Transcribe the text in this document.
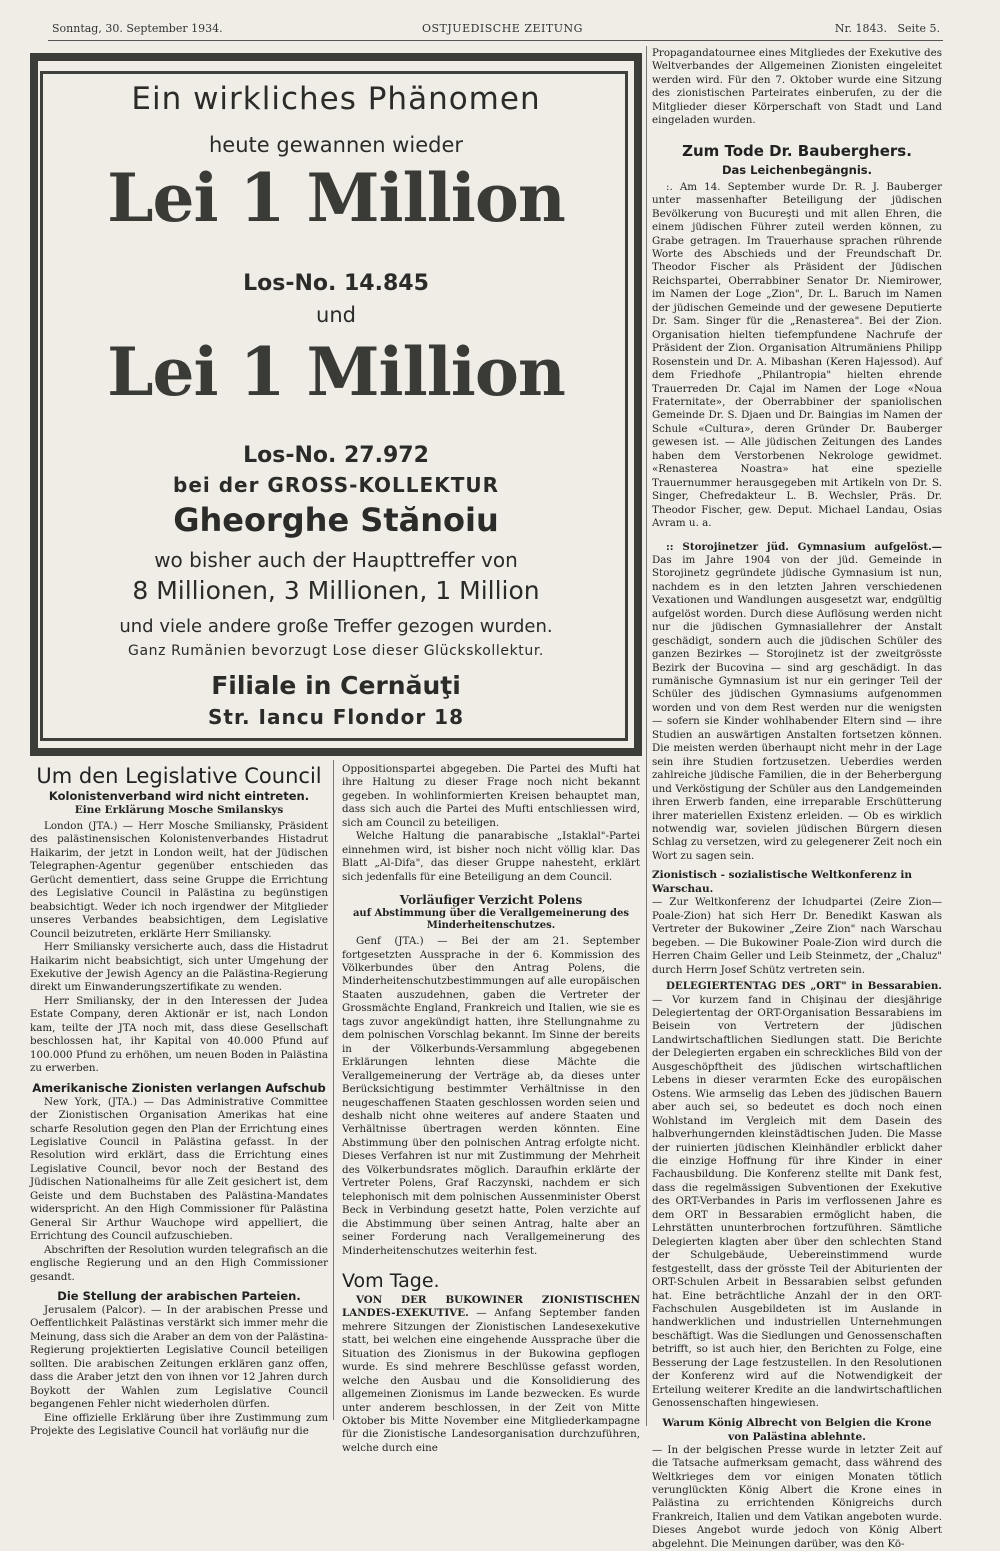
Sonntag, 30. September 1934.	OSTJUEDISCHE ZEITUNG	Nr. 1843. Seite 5.
Ein wirkliches Phänomen
heute gewannen wieder
Lei 1 Million
Los-No. 14.845
und
Lei 1 Million
Los-No. 27.972
bei der GROSS-KOLLEKTUR
Gheorghe Stănoiu
wo bisher auch der Haupttreffer von
8 Millionen, 3 Millionen, 1 Million
und viele andere große Treffer gezogen wurden.
Ganz Rumänien bevorzugt Lose dieser Glückskollektur.
Filiale in Cernăuţi
Str. Iancu Flondor 18
Um den Legislative Council
Kolonistenverband wird nicht eintreten.
Eine Erklärung Mosche Smilanskys

London (JTA.) — Herr Mosche Smiliansky, Präsident des palästinensischen Kolonistenverbandes Histadrut Haikarim, der jetzt in London weilt, hat der Jüdischen Telegraphen-Agentur gegenüber entschieden das Gerücht dementiert, dass seine Gruppe die Errichtung des Legislative Council in Palästina zu begünstigen beabsichtigt. Weder ich noch irgendwer der Mitglieder unseres Verbandes beabsichtigen, dem Legislative Council beizutreten, erklärte Herr Smiliansky.

Herr Smiliansky versicherte auch, dass die Histadrut Haikarim nicht beabsichtigt, sich unter Umgehung der Exekutive der Jewish Agency an die Palästina-Regierung direkt um Einwanderungszertifikate zu wenden.

Herr Smiliansky, der in den Interessen der Judea Estate Company, deren Aktionär er ist, nach London kam, teilte der JTA noch mit, dass diese Gesellschaft beschlossen hat, ihr Kapital von 40.000 Pfund auf 100.000 Pfund zu erhöhen, um neuen Boden in Palästina zu erwerben.

Amerikanische Zionisten verlangen Aufschub

New York, (JTA.) — Das Administrative Committee der Zionistischen Organisation Amerikas hat eine scharfe Resolution gegen den Plan der Errichtung eines Legislative Council in Palästina gefasst. In der Resolution wird erklärt, dass die Errichtung eines Legislative Council, bevor noch der Bestand des Jüdischen Nationalheims für alle Zeit gesichert ist, dem Geiste und dem Buchstaben des Palästina-Mandates widerspricht. An den High Commissioner für Palästina General Sir Arthur Wauchope wird appelliert, die Errichtung des Council aufzuschieben.

Abschriften der Resolution wurden telegrafisch an die englische Regierung und an den High Commissioner gesandt.

Die Stellung der arabischen Parteien.

Jerusalem (Palcor). — In der arabischen Presse und Oeffentlichkeit Palästinas verstärkt sich immer mehr die Meinung, dass sich die Araber an dem von der Palästina-Regierung projektierten Legislative Council beteiligen sollten. Die arabischen Zeitungen erklären ganz offen, dass die Araber jetzt den von ihnen vor 12 Jahren durch Boykott der Wahlen zum Legislative Council begangenen Fehler nicht wiederholen dürfen.

Eine offizielle Erklärung über ihre Zustimmung zum Projekte des Legislative Council hat vorläufig nur die

Oppositionspartei abgegeben. Die Partei des Mufti hat ihre Haltung zu dieser Frage noch nicht bekannt gegeben. In wohlinformierten Kreisen behauptet man, dass sich auch die Partei des Mufti entschliessen wird, sich am Council zu beteiligen.

Welche Haltung die panarabische „Istaklal"-Partei einnehmen wird, ist bisher noch nicht völlig klar. Das Blatt „Al-Difa", das dieser Gruppe nahesteht, erklärt sich jedenfalls für eine Beteiligung an dem Council.

Vorläufiger Verzicht Polens
auf Abstimmung über die Verallgemeinerung des Minderheitenschutzes.

Genf (JTA.) — Bei der am 21. September fortgesetzten Aussprache in der 6. Kommission des Völkerbundes über den Antrag Polens, die Minderheitenschutzbestimmungen auf alle europäischen Staaten auszudehnen, gaben die Vertreter der Grossmächte England, Frankreich und Italien, wie sie es tags zuvor angekündigt hatten, ihre Stellungnahme zu dem polnischen Vorschlag bekannt. Im Sinne der bereits in der Völkerbunds-Versammlung abgegebenen Erklärungen lehnten diese Mächte die Verallgemeinerung der Verträge ab, da dieses unter Berücksichtigung bestimmter Verhältnisse in den neugeschaffenen Staaten geschlossen worden seien und deshalb nicht ohne weiteres auf andere Staaten und Verhältnisse übertragen werden könnten. Eine Abstimmung über den polnischen Antrag erfolgte nicht. Dieses Verfahren ist nur mit Zustimmung der Mehrheit des Völkerbundsrates möglich. Daraufhin erklärte der Vertreter Polens, Graf Raczynski, nachdem er sich telephonisch mit dem polnischen Aussenminister Oberst Beck in Verbindung gesetzt hatte, Polen verzichte auf die Abstimmung über seinen Antrag, halte aber an seiner Forderung nach Verallgemeinerung des Minderheitenschutzes weiterhin fest.

Vom Tage.

VON DER BUKOWINER ZIONISTISCHEN LANDES-EXEKUTIVE. — Anfang September fanden mehrere Sitzungen der Zionistischen Landesexekutive statt, bei welchen eine eingehende Aussprache über die Situation des Zionismus in der Bukowina gepflogen wurde. Es sind mehrere Beschlüsse gefasst worden, welche den Ausbau und die Konsolidierung des allgemeinen Zionismus im Lande bezwecken. Es wurde unter anderem beschlossen, in der Zeit von Mitte Oktober bis Mitte November eine Mitgliederkampagne für die Zionistische Landesorganisation durchzuführen, welche durch eine

Propagandatournee eines Mitgliedes der Exekutive des Weltverbandes der Allgemeinen Zionisten eingeleitet werden wird. Für den 7. Oktober wurde eine Sitzung des zionistischen Parteirates einberufen, zu der die Mitglieder dieser Körperschaft von Stadt und Land eingeladen wurden.

Zum Tode Dr. Bauberghers.
Das Leichenbegängnis.

:. Am 14. September wurde Dr. R. J. Bauberger unter massenhafter Beteiligung der jüdischen Bevölkerung von Bucureşti und mit allen Ehren, die einem jüdischen Führer zuteil werden können, zu Grabe getragen. Im Trauerhause sprachen rührende Worte des Abschieds und der Freundschaft Dr. Theodor Fischer als Präsident der Jüdischen Reichspartei, Oberrabbiner Senator Dr. Niemirower, im Namen der Loge „Zion", Dr. L. Baruch im Namen der jüdischen Gemeinde und der gewesene Deputierte Dr. Sam. Singer für die „Renasterea". Bei der Zion. Organisation hielten tiefempfundene Nachrufe der Präsident der Zion. Organisation Altrumäniens Philipp Rosenstein und Dr. A. Mibashan (Keren Hajessod). Auf dem Friedhofe „Philantropia" hielten ehrende Trauerreden Dr. Cajal im Namen der Loge «Noua Fraternitate», der Oberrabbiner der spaniolischen Gemeinde Dr. S. Djaen und Dr. Baingias im Namen der Schule «Cultura», deren Gründer Dr. Bauberger gewesen ist. — Alle jüdischen Zeitungen des Landes haben dem Verstorbenen Nekrologe gewidmet. «Renasterea Noastra» hat eine spezielle Trauernummer herausgegeben mit Artikeln von Dr. S. Singer, Chefredakteur L. B. Wechsler, Präs. Dr. Theodor Fischer, gew. Deput. Michael Landau, Osias Avram u. a.

:: Storojinetzer jüd. Gymnasium aufgelöst.— Das im Jahre 1904 von der jüd. Gemeinde in Storojinetz gegründete jüdische Gymnasium ist nun, nachdem es in den letzten Jahren verschiedenen Vexationen und Wandlungen ausgesetzt war, endgültig aufgelöst worden. Durch diese Auflösung werden nicht nur die jüdischen Gymnasiallehrer der Anstalt geschädigt, sondern auch die jüdischen Schüler des ganzen Bezirkes — Storojinetz ist der zweitgrösste Bezirk der Bucovina — sind arg geschädigt. In das rumänische Gymnasium ist nur ein geringer Teil der Schüler des jüdischen Gymnasiums aufgenommen worden und von dem Rest werden nur die wenigsten — sofern sie Kinder wohlhabender Eltern sind — ihre Studien an auswärtigen Anstalten fortsetzen können. Die meisten werden überhaupt nicht mehr in der Lage sein ihre Studien fortzusetzen. Ueberdies werden zahlreiche jüdische Familien, die in der Beherbergung und Verköstigung der Schüler aus den Landgemeinden ihren Erwerb fanden, eine irreparable Erschütterung ihrer materiellen Existenz erleiden. — Ob es wirklich notwendig war, sovielen jüdischen Bürgern diesen Schlag zu versetzen, wird zu gelegenerer Zeit noch ein Wort zu sagen sein.

Zionistisch - sozialistische Weltkonferenz in Warschau.

— Zur Weltkonferenz der Ichudpartei (Zeire Zion—Poale-Zion) hat sich Herr Dr. Benedikt Kaswan als Vertreter der Bukowiner „Zeire Zion" nach Warschau begeben. — Die Bukowiner Poale-Zion wird durch die Herren Chaim Geller und Leib Steinmetz, der „Chaluz" durch Herrn Josef Schütz vertreten sein.

DELEGIERTENTAG DES „ORT" in Bessarabien. — Vor kurzem fand in Chişinau der diesjährige Delegiertentag der ORT-Organisation Bessarabiens im Beisein von Vertretern der jüdischen Landwirtschaftlichen Siedlungen statt. Die Berichte der Delegierten ergaben ein schreckliches Bild von der Ausgeschöpftheit des jüdischen wirtschaftlichen Lebens in dieser verarmten Ecke des europäischen Ostens. Wie armselig das Leben des jüdischen Bauern aber auch sei, so bedeutet es doch noch einen Wohlstand im Vergleich mit dem Dasein des halbverhungernden kleinstädtischen Juden. Die Masse der ruinierten jüdischen Kleinhändler erblickt daher die einzige Hoffnung für ihre Kinder in einer Fachausbildung. Die Konferenz stellte mit Dank fest, dass die regelmässigen Subventionen der Exekutive des ORT-Verbandes in Paris im verflossenen Jahre es dem ORT in Bessarabien ermöglicht haben, die Lehrstätten ununterbrochen fortzuführen. Sämtliche Delegierten klagten aber über den schlechten Stand der Schulgebäude, Uebereinstimmend wurde festgestellt, dass der grösste Teil der Abiturienten der ORT-Schulen Arbeit in Bessarabien selbst gefunden hat. Eine beträchtliche Anzahl der in den ORT-Fachschulen Ausgebildeten ist im Auslande in handwerklichen und industriellen Unternehmungen beschäftigt. Was die Siedlungen und Genossenschaften betrifft, so ist auch hier, den Berichten zu Folge, eine Besserung der Lage festzustellen. In den Resolutionen der Konferenz wird auf die Notwendigkeit der Erteilung weiterer Kredite an die landwirtschaftlichen Genossenschaften hingewiesen.

Warum König Albrecht von Belgien die Krone von Palästina ablehnte.

— In der belgischen Presse wurde in letzter Zeit auf die Tatsache aufmerksam gemacht, dass während des Weltkrieges dem vor einigen Monaten tötlich verunglückten König Albert die Krone eines in Palästina zu errichtenden Königreichs durch Frankreich, Italien und dem Vatikan angeboten wurde. Dieses Angebot wurde jedoch von König Albert abgelehnt. Die Meinungen darüber, was den Kö-
